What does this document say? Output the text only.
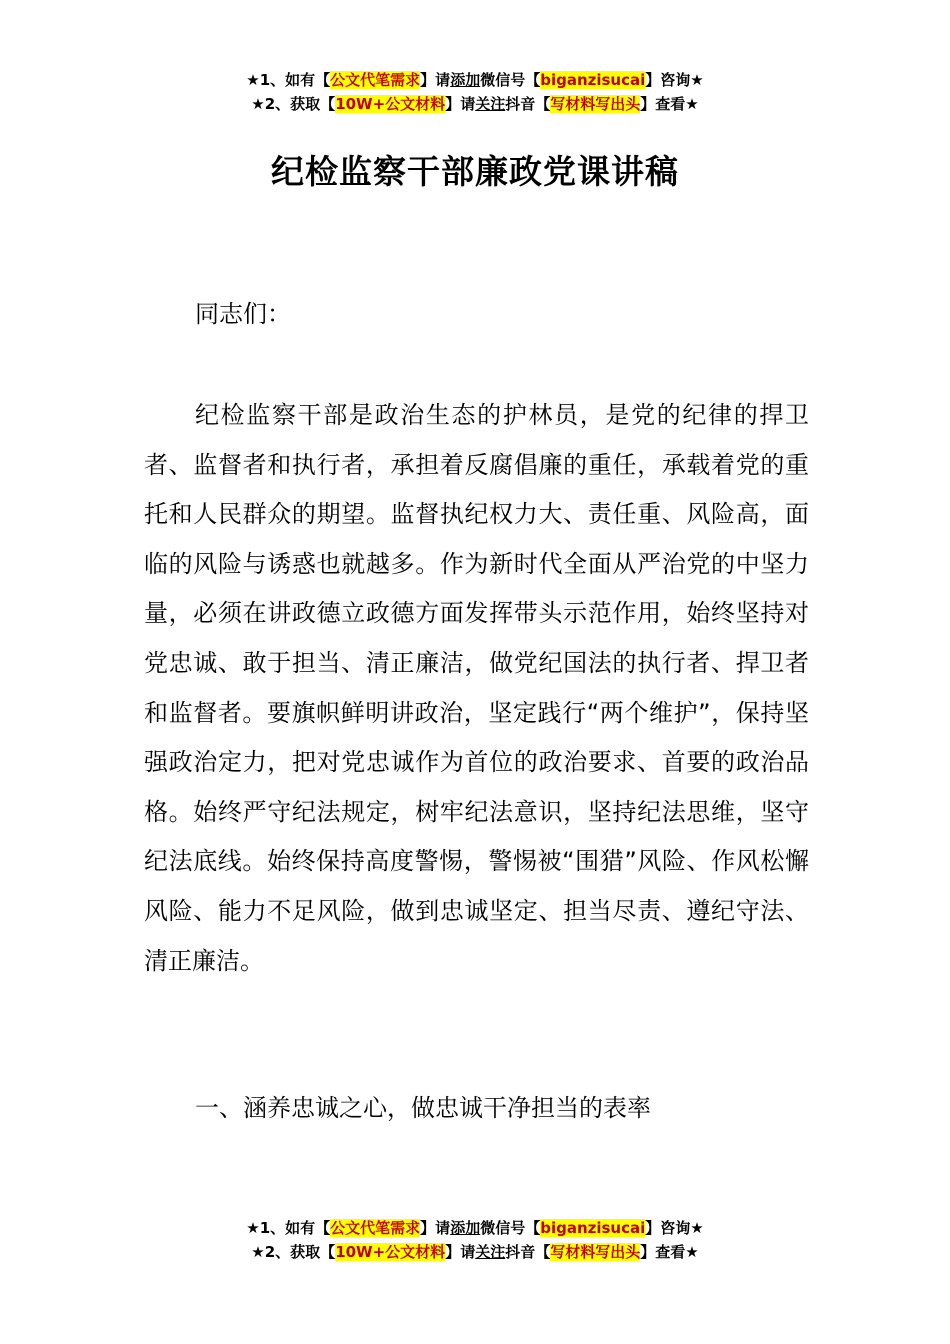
★1、如有【公文代笔需求】请添加微信号【biganzisucai】咨询★
★2、获取【10W+公文材料】请关注抖音【写材料写出头】查看★
纪检监察干部廉政党课讲稿
同志们：

纪检监察干部是政治生态的护林员，是党的纪律的捍卫者、监督者和执行者，承担着反腐倡廉的重任，承载着党的重托和人民群众的期望。监督执纪权力大、责任重、风险高，面临的风险与诱惑也就越多。作为新时代全面从严治党的中坚力量，必须在讲政德立政德方面发挥带头示范作用，始终坚持对党忠诚、敢于担当、清正廉洁，做党纪国法的执行者、捍卫者和监督者。要旗帜鲜明讲政治，坚定践行“两个维护”，保持坚强政治定力，把对党忠诚作为首位的政治要求、首要的政治品格。始终严守纪法规定，树牢纪法意识，坚持纪法思维，坚守纪法底线。始终保持高度警惕，警惕被“围猎”风险、作风松懈风险、能力不足风险，做到忠诚坚定、担当尽责、遵纪守法、清正廉洁。

一、涵养忠诚之心，做忠诚干净担当的表率
★1、如有【公文代笔需求】请添加微信号【biganzisucai】咨询★
★2、获取【10W+公文材料】请关注抖音【写材料写出头】查看★
